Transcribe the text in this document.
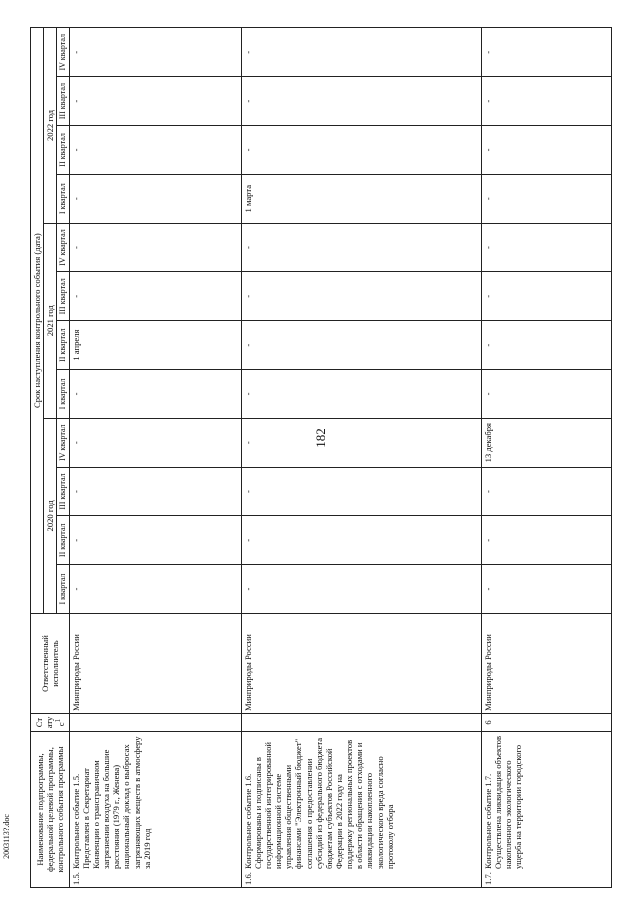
182
2003113?.doc	Наименование подпрограммы, федеральной целевой программы, контрольного события программы	Статус$^1$	Ответственный исполнитель	Срок наступления контрольного события (дата)											
			2020 год				2021 год				2022 год			
			I квартал	II квартал	III квартал	IV квартал	I квартал	II квартал	III квартал	IV квартал	I квартал	II квартал	III квартал	IV квартал
1.5.Контрольное событие 1.5. Представлен в Секретариат Конвенции о трансграничном загрязнении воздуха на большие расстояния (1979 г., Женева) национальный доклад о выбросах загрязняющих веществ в атмосферу за 2019 год		Минприроды России	-	-	-	-	-	1 апреля	-	-	-	-	-	-

1.6.Контрольное событие 1.6. Сформированы и подписаны в государственной интегрированной информационной системе управления общественными финансами "Электронный бюджет" соглашения о предоставлении субсидий из федерального бюджета бюджетам субъектов Российской Федерации в 2022 году на поддержку региональных проектов в области обращения с отходами и ликвидации накопленного экологического вреда согласно протоколу отбора		Минприроды России	-	-	-	-	-	-	-	-	1 марта	-	-	-

1.7.Контрольное событие 1.7. Осуществлена ликвидация объектов накопленного экологического ущерба на территории городского	6	Минприроды России	-	-	-	13 декабря	-	-	-	-	-	-	-	-
